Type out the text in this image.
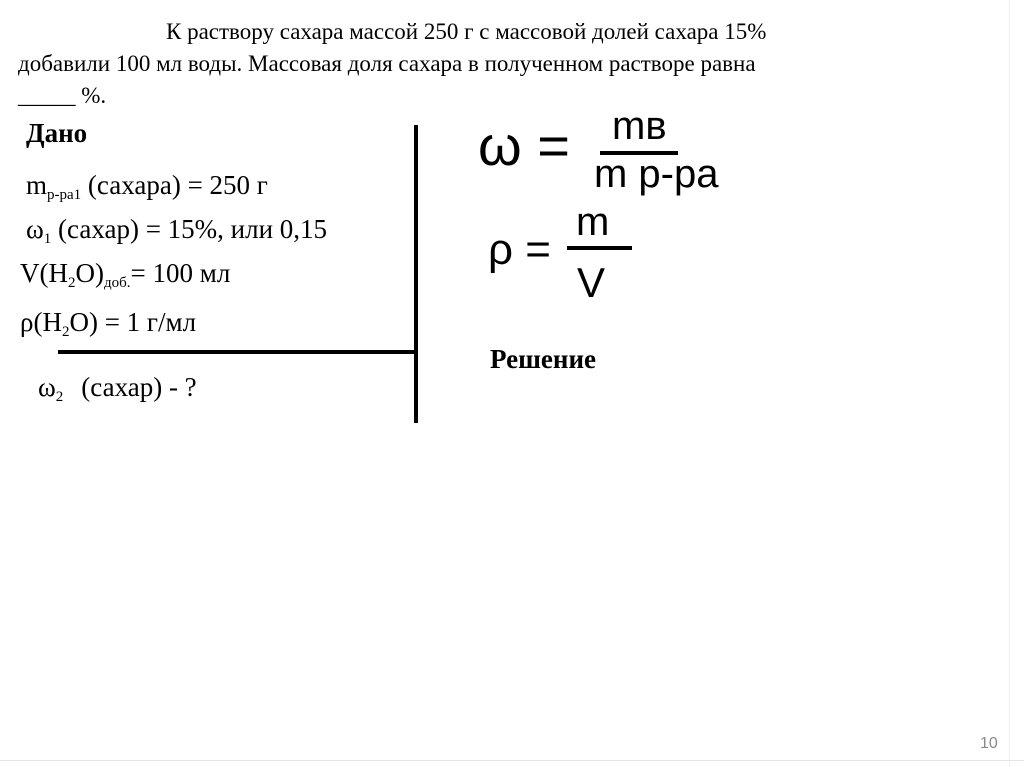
К раствору сахара массой 250 г с массовой долей сахара 15%
добавили 100 мл воды. Массовая доля сахара в полученном растворе равна
_____ %.
Дано
$m_{р-ра1}$ (сахара) = 250 г
$\omega_1$ (сахар) = 15%, или 0,15
$V(H_2O)_{доб.}= 100$ мл
$\rho(H_2O) = 1$ г/мл
$\omega_2$ (сахар) - ?
ω = mв
m р-ра
ρ =
m
V
Решение
10
